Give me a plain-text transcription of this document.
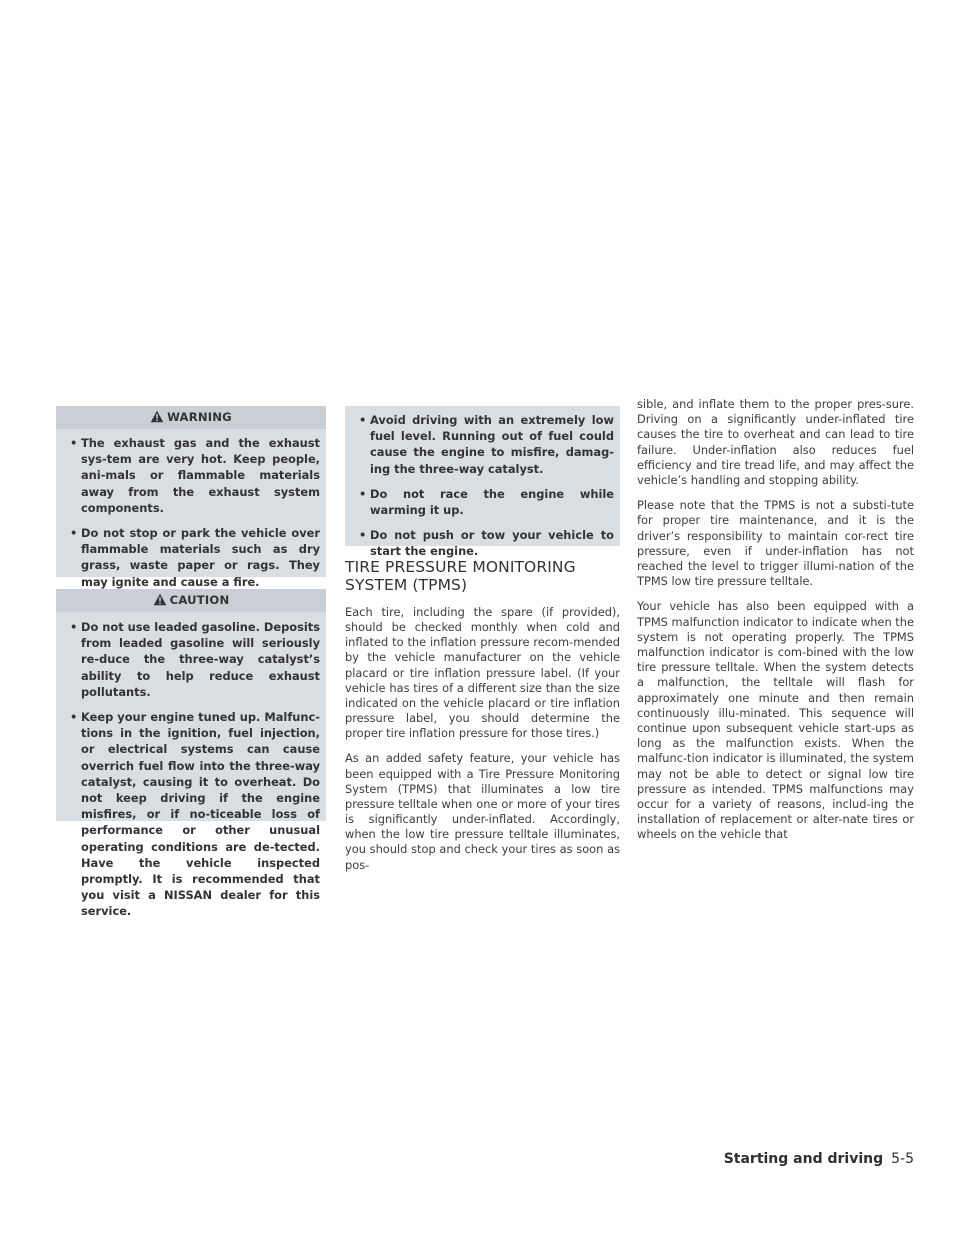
WARNING
• The exhaust gas and the exhaust sys-tem are very hot. Keep people, ani-mals or flammable materials away from the exhaust system components.
• Do not stop or park the vehicle over flammable materials such as dry grass, waste paper or rags. They may ignite and cause a fire.
CAUTION
• Do not use leaded gasoline. Deposits from leaded gasoline will seriously re-duce the three-way catalyst’s ability to help reduce exhaust pollutants.
• Keep your engine tuned up. Malfunc-tions in the ignition, fuel injection, or electrical systems can cause overrich fuel flow into the three-way catalyst, causing it to overheat. Do not keep driving if the engine misfires, or if no-ticeable loss of performance or other unusual operating conditions are de-tected. Have the vehicle inspected promptly. It is recommended that you visit a NISSAN dealer for this service.
• Avoid driving with an extremely low fuel level. Running out of fuel could cause the engine to misfire, damag-ing the three-way catalyst.
• Do not race the engine while warming it up.
• Do not push or tow your vehicle to start the engine.
TIRE PRESSURE MONITORING SYSTEM (TPMS)

Each tire, including the spare (if provided), should be checked monthly when cold and inflated to the inflation pressure recom-mended by the vehicle manufacturer on the vehicle placard or tire inflation pressure label. (If your vehicle has tires of a different size than the size indicated on the vehicle placard or tire inflation pressure label, you should determine the proper tire inflation pressure for those tires.)

As an added safety feature, your vehicle has been equipped with a Tire Pressure Monitoring System (TPMS) that illuminates a low tire pressure telltale when one or more of your tires is significantly under-inflated. Accordingly, when the low tire pressure telltale illuminates, you should stop and check your tires as soon as pos-

sible, and inflate them to the proper pres-sure. Driving on a significantly under-inflated tire causes the tire to overheat and can lead to tire failure. Under-inflation also reduces fuel efficiency and tire tread life, and may affect the vehicle’s handling and stopping ability.

Please note that the TPMS is not a substi-tute for proper tire maintenance, and it is the driver’s responsibility to maintain cor-rect tire pressure, even if under-inflation has not reached the level to trigger illumi-nation of the TPMS low tire pressure telltale.

Your vehicle has also been equipped with a TPMS malfunction indicator to indicate when the system is not operating properly. The TPMS malfunction indicator is com-bined with the low tire pressure telltale. When the system detects a malfunction, the telltale will flash for approximately one minute and then remain continuously illu-minated. This sequence will continue upon subsequent vehicle start-ups as long as the malfunction exists. When the malfunc-tion indicator is illuminated, the system may not be able to detect or signal low tire pressure as intended. TPMS malfunctions may occur for a variety of reasons, includ-ing the installation of replacement or alter-nate tires or wheels on the vehicle that

Starting and driving 5-5
